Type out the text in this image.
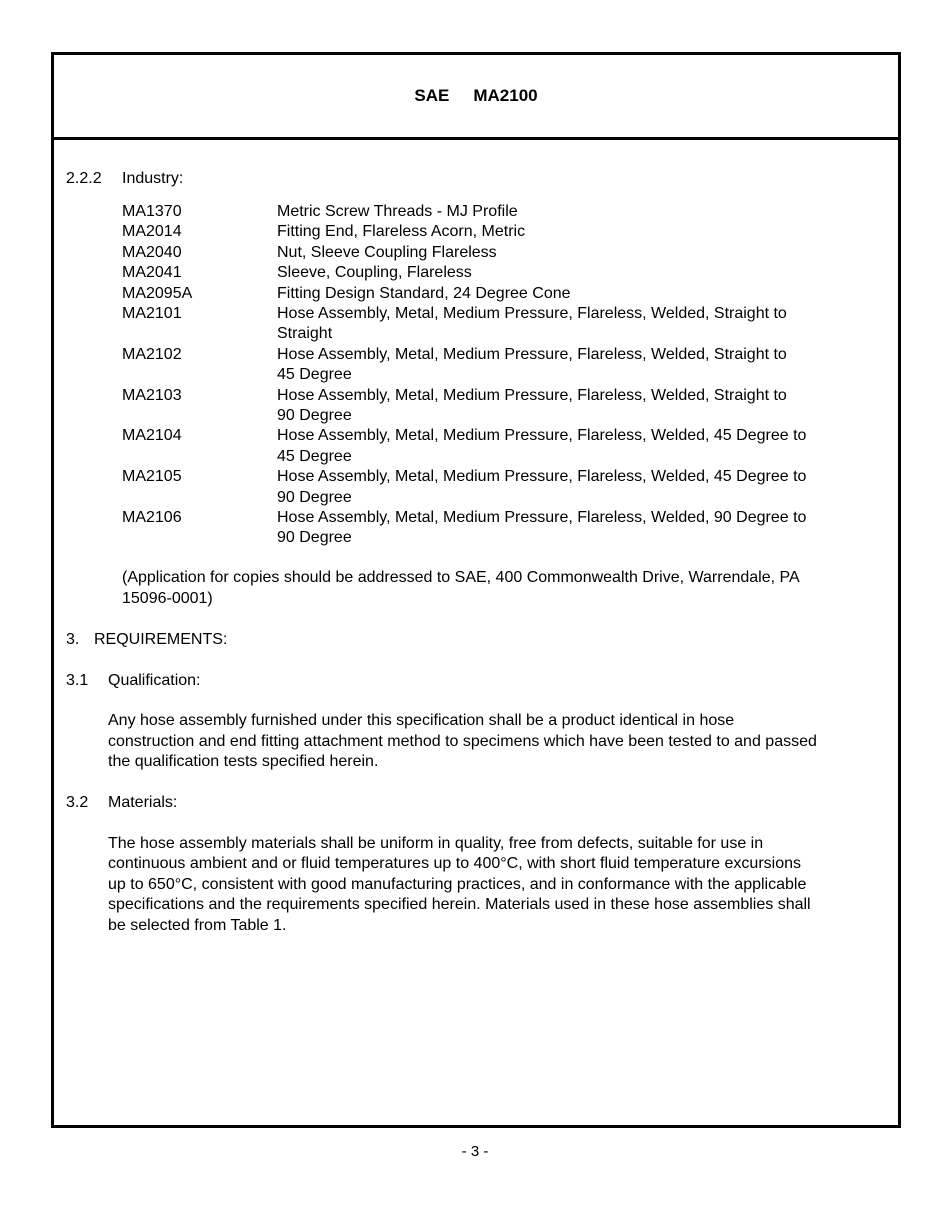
SAE MA2100
2.2.2 Industry:
MA1370	Metric Screw Threads - MJ Profile
MA2014	Fitting End, Flareless Acorn, Metric
MA2040	Nut, Sleeve Coupling Flareless
MA2041	Sleeve, Coupling, Flareless
MA2095A	Fitting Design Standard, 24 Degree Cone
MA2101	Hose Assembly, Metal, Medium Pressure, Flareless, Welded, Straight to
Straight
MA2102	Hose Assembly, Metal, Medium Pressure, Flareless, Welded, Straight to
45 Degree
MA2103	Hose Assembly, Metal, Medium Pressure, Flareless, Welded, Straight to
90 Degree
MA2104	Hose Assembly, Metal, Medium Pressure, Flareless, Welded, 45 Degree to
45 Degree
MA2105	Hose Assembly, Metal, Medium Pressure, Flareless, Welded, 45 Degree to
90 Degree
MA2106	Hose Assembly, Metal, Medium Pressure, Flareless, Welded, 90 Degree to
90 Degree
(Application for copies should be addressed to SAE, 400 Commonwealth Drive, Warrendale, PA
15096-0001)
3. REQUIREMENTS:
3.1 Qualification:
Any hose assembly furnished under this specification shall be a product identical in hose
construction and end fitting attachment method to specimens which have been tested to and passed
the qualification tests specified herein.
3.2 Materials:
The hose assembly materials shall be uniform in quality, free from defects, suitable for use in
continuous ambient and or fluid temperatures up to 400°C, with short fluid temperature excursions
up to 650°C, consistent with good manufacturing practices, and in conformance with the applicable
specifications and the requirements specified herein. Materials used in these hose assemblies shall
be selected from Table 1.
- 3 -
